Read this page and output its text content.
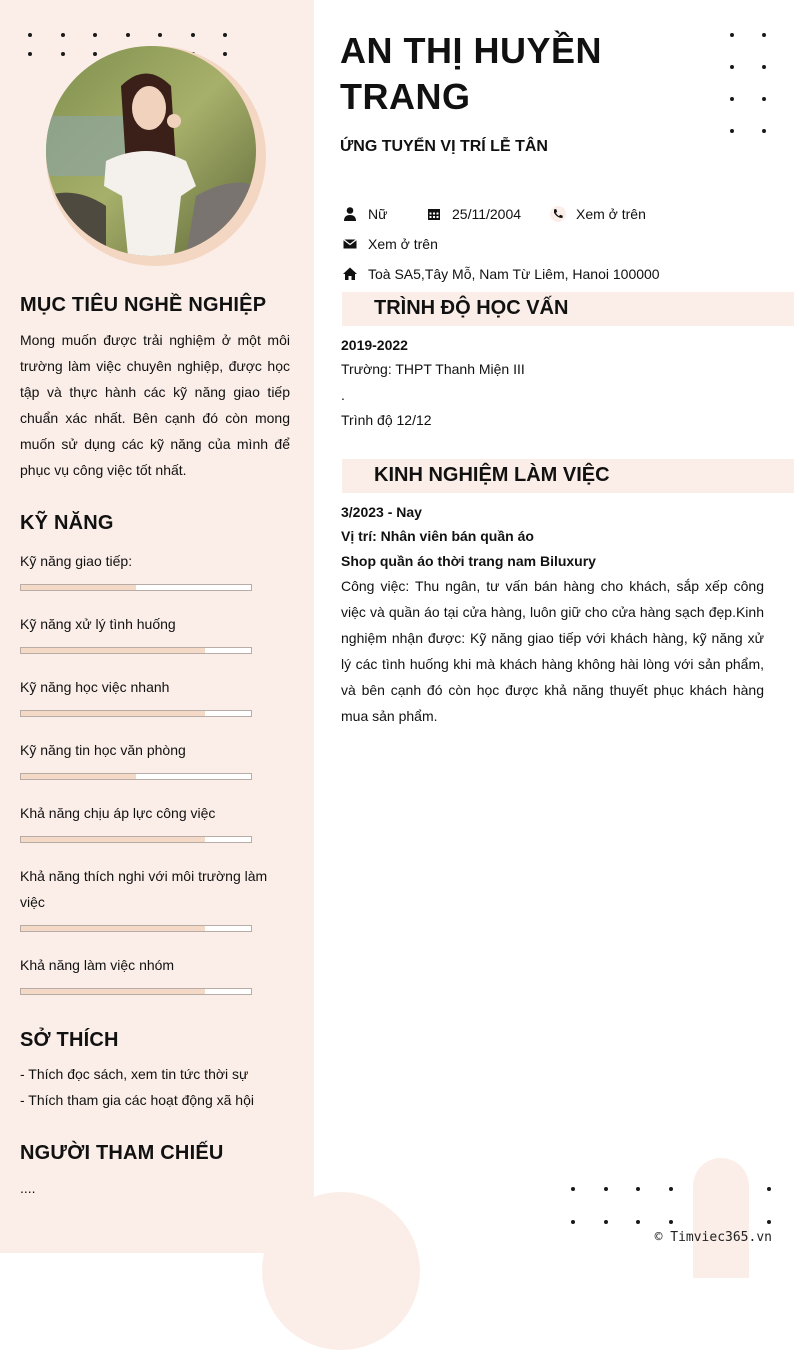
MỤC TIÊU NGHỀ NGHIỆP
Mong muốn được trải nghiệm ở một môi trường làm việc chuyên nghiệp, được học tập và thực hành các kỹ năng giao tiếp chuẩn xác nhất. Bên cạnh đó còn mong muốn sử dụng các kỹ năng của mình để phục vụ công việc tốt nhất.
KỸ NĂNG
Kỹ năng giao tiếp:
Kỹ năng xử lý tình huống
Kỹ năng học việc nhanh
Kỹ năng tin học văn phòng
Khả năng chịu áp lực công việc
Khả năng thích nghi với môi trường làm việc
Khả năng làm việc nhóm
SỞ THÍCH
- Thích đọc sách, xem tin tức thời sự
- Thích tham gia các hoạt động xã hội
NGƯỜI THAM CHIẾU
....
AN THỊ HUYỀN TRANG
ỨNG TUYỂN VỊ TRÍ LỄ TÂN
Nữ	25/11/2004	Xem ở trên
Xem ở trên
Toà SA5,Tây Mỗ, Nam Từ Liêm, Hanoi 100000
TRÌNH ĐỘ HỌC VẤN
2019-2022
Trường: THPT Thanh Miện III
.
Trình độ 12/12
KINH NGHIỆM LÀM VIỆC
3/2023 - Nay
Vị trí: Nhân viên bán quần áo
Shop quần áo thời trang nam Biluxury
Công việc: Thu ngân, tư vấn bán hàng cho khách, sắp xếp công việc và quần áo tại cửa hàng, luôn giữ cho cửa hàng sạch đẹp.Kinh nghiệm nhận được: Kỹ năng giao tiếp với khách hàng, kỹ năng xử lý các tình huống khi mà khách hàng không hài lòng với sản phẩm, và bên cạnh đó còn học được khả năng thuyết phục khách hàng mua sản phẩm.
© Timviec365.vn
